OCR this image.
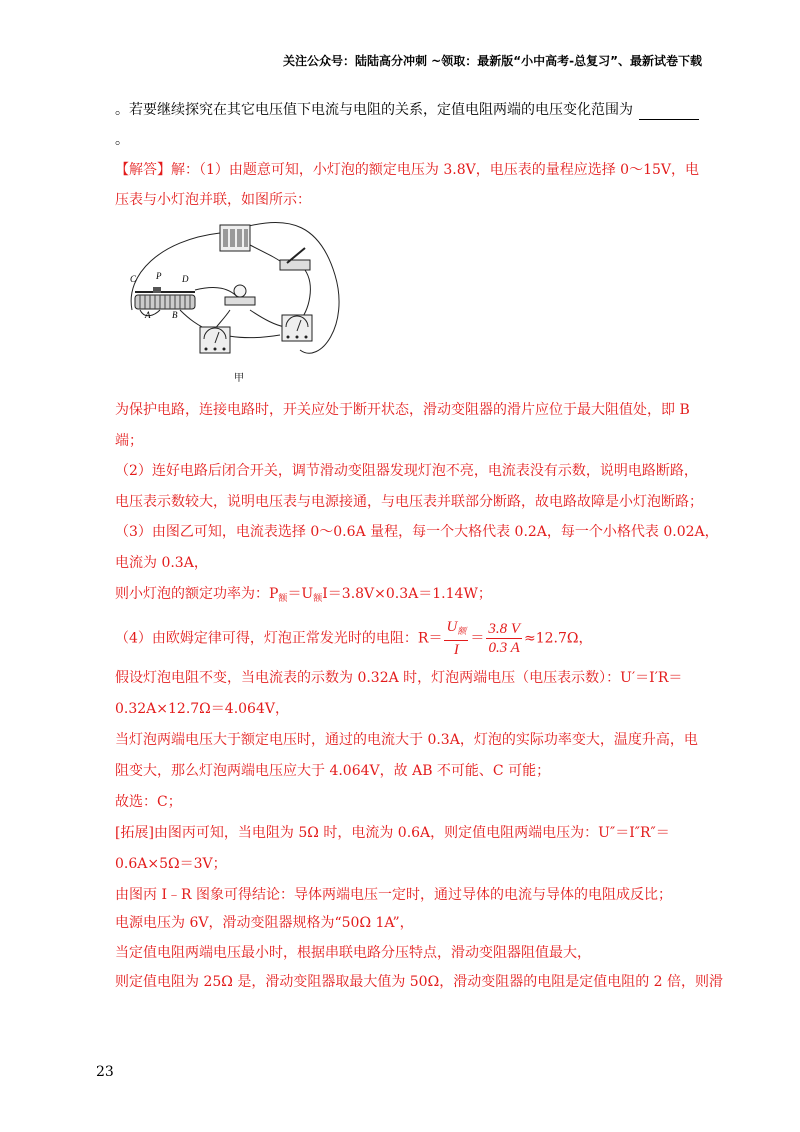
关注公众号：陆陆高分冲刺 ~领取：最新版“小中高考-总复习”、最新试卷下载
。若要继续探究在其它电压值下电流与电阻的关系，定值电阻两端的电压变化范围为
。
【解答】解：（1）由题意可知，小灯泡的额定电压为 3.8V，电压表的量程应选择 0～15V，电
压表与小灯泡并联，如图所示：
C P D
A B
甲
为保护电路，连接电路时，开关应处于断开状态，滑动变阻器的滑片应位于最大阻值处，即 B
端；
（2）连好电路后闭合开关，调节滑动变阻器发现灯泡不亮，电流表没有示数，说明电路断路，
电压表示数较大，说明电压表与电源接通，与电压表并联部分断路，故电路故障是小灯泡断路；
（3）由图乙可知，电流表选择 0～0.6A 量程，每一个大格代表 0.2A，每一个小格代表 0.02A，
电流为 0.3A，
则小灯泡的额定功率为：$P_额=U_额I=3.8V\times 0.3A=1.14W$；
（4）由欧姆定律可得，灯泡正常发光时的电阻：$R= \frac{U_额}{I} = \frac{3.8 V}{0.3 A} \approx 12.7\Omega$，
假设灯泡电阻不变，当电流表的示数为 0.32A 时，灯泡两端电压（电压表示数）：U′＝I′R＝
0.32A×12.7Ω＝4.064V，
当灯泡两端电压大于额定电压时，通过的电流大于 0.3A，灯泡的实际功率变大，温度升高，电
阻变大，那么灯泡两端电压应大于 4.064V，故 AB 不可能、C 可能；
故选：C；
[拓展]由图丙可知，当电阻为 5Ω 时，电流为 0.6A，则定值电阻两端电压为：U″＝I″R″＝
0.6A×5Ω＝3V；
由图丙 I﹣R 图象可得结论：导体两端电压一定时，通过导体的电流与导体的电阻成反比；
电源电压为 6V，滑动变阻器规格为“50Ω 1A”，
当定值电阻两端电压最小时，根据串联电路分压特点，滑动变阻器阻值最大，
则定值电阻为 25Ω 是，滑动变阻器取最大值为 50Ω，滑动变阻器的电阻是定值电阻的 2 倍，则滑
23
